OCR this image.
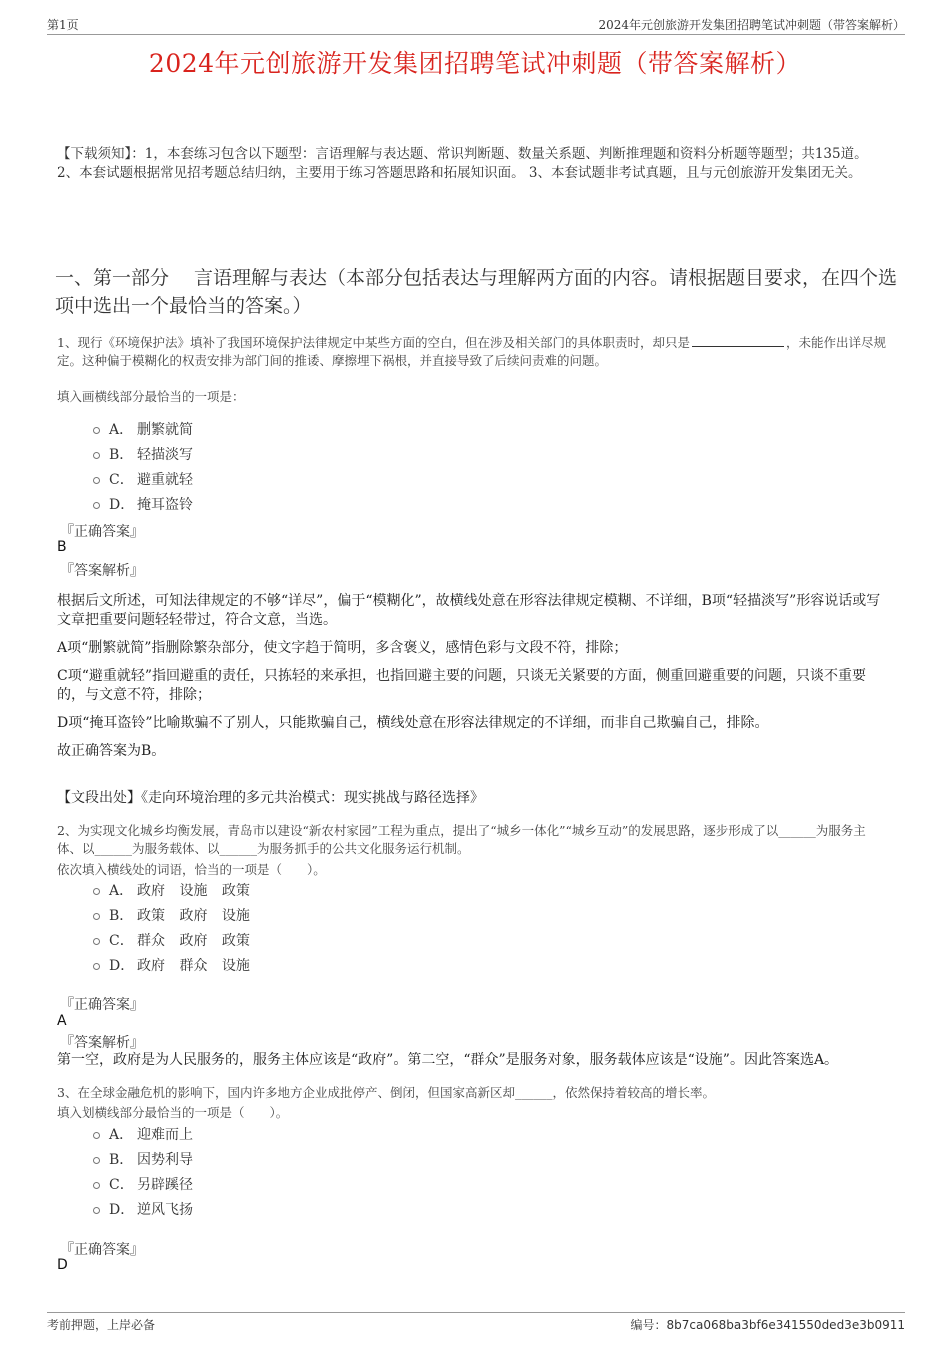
第1页	2024年元创旅游开发集团招聘笔试冲刺题（带答案解析）
2024年元创旅游开发集团招聘笔试冲刺题（带答案解析）
【下载须知】：1，本套练习包含以下题型：言语理解与表达题、常识判断题、数量关系题、判断推理题和资料分析题等题型；共135道。 2、本套试题根据常见招考题总结归纳，主要用于练习答题思路和拓展知识面。 3、本套试题非考试真题，且与元创旅游开发集团无关。
一、第一部分　 言语理解与表达（本部分包括表达与理解两方面的内容。请根据题目要求，在四个选项中选出一个最恰当的答案。）
1、现行《环境保护法》填补了我国环境保护法律规定中某些方面的空白，但在涉及相关部门的具体职责时，却只是	，未能作出详尽规定。这种偏于模糊化的权责安排为部门间的推诿、摩擦埋下祸根，并直接导致了后续问责难的问题。
填入画横线部分最恰当的一项是：
A． 删繁就简
B． 轻描淡写
C． 避重就轻
D． 掩耳盗铃
『正确答案』
B
『答案解析』

根据后文所述，可知法律规定的不够“详尽”，偏于“模糊化”，故横线处意在形容法律规定模糊、不详细，B项“轻描淡写”形容说话或写文章把重要问题轻轻带过，符合文意，当选。

A项“删繁就简”指删除繁杂部分，使文字趋于简明，多含褒义，感情色彩与文段不符，排除；

C项“避重就轻”指回避重的责任，只拣轻的来承担，也指回避主要的问题，只谈无关紧要的方面，侧重回避重要的问题，只谈不重要的，与文意不符，排除；

D项“掩耳盗铃”比喻欺骗不了别人，只能欺骗自己，横线处意在形容法律规定的不详细，而非自己欺骗自己，排除。

故正确答案为B。

【文段出处】《走向环境治理的多元共治模式：现实挑战与路径选择》
2、为实现文化城乡均衡发展，青岛市以建设“新农村家园”工程为重点，提出了“城乡一体化”“城乡互动”的发展思路，逐步形成了以______为服务主体、以______为服务载体、以______为服务抓手的公共文化服务运行机制。
依次填入横线处的词语，恰当的一项是（　　）。
A． 政府 设施 政策
B． 政策 政府 设施
C． 群众 政府 政策
D． 政府 群众 设施
『正确答案』
A
『答案解析』
第一空，政府是为人民服务的，服务主体应该是“政府”。第二空，“群众”是服务对象，服务载体应该是“设施”。因此答案选A。
3、在全球金融危机的影响下，国内许多地方企业成批停产、倒闭，但国家高新区却______，依然保持着较高的增长率。
填入划横线部分最恰当的一项是（　　）。
A． 迎难而上
B． 因势利导
C． 另辟蹊径
D． 逆风飞扬
『正确答案』
D
考前押题，上岸必备	编号：8b7ca068ba3bf6e341550ded3e3b0911
